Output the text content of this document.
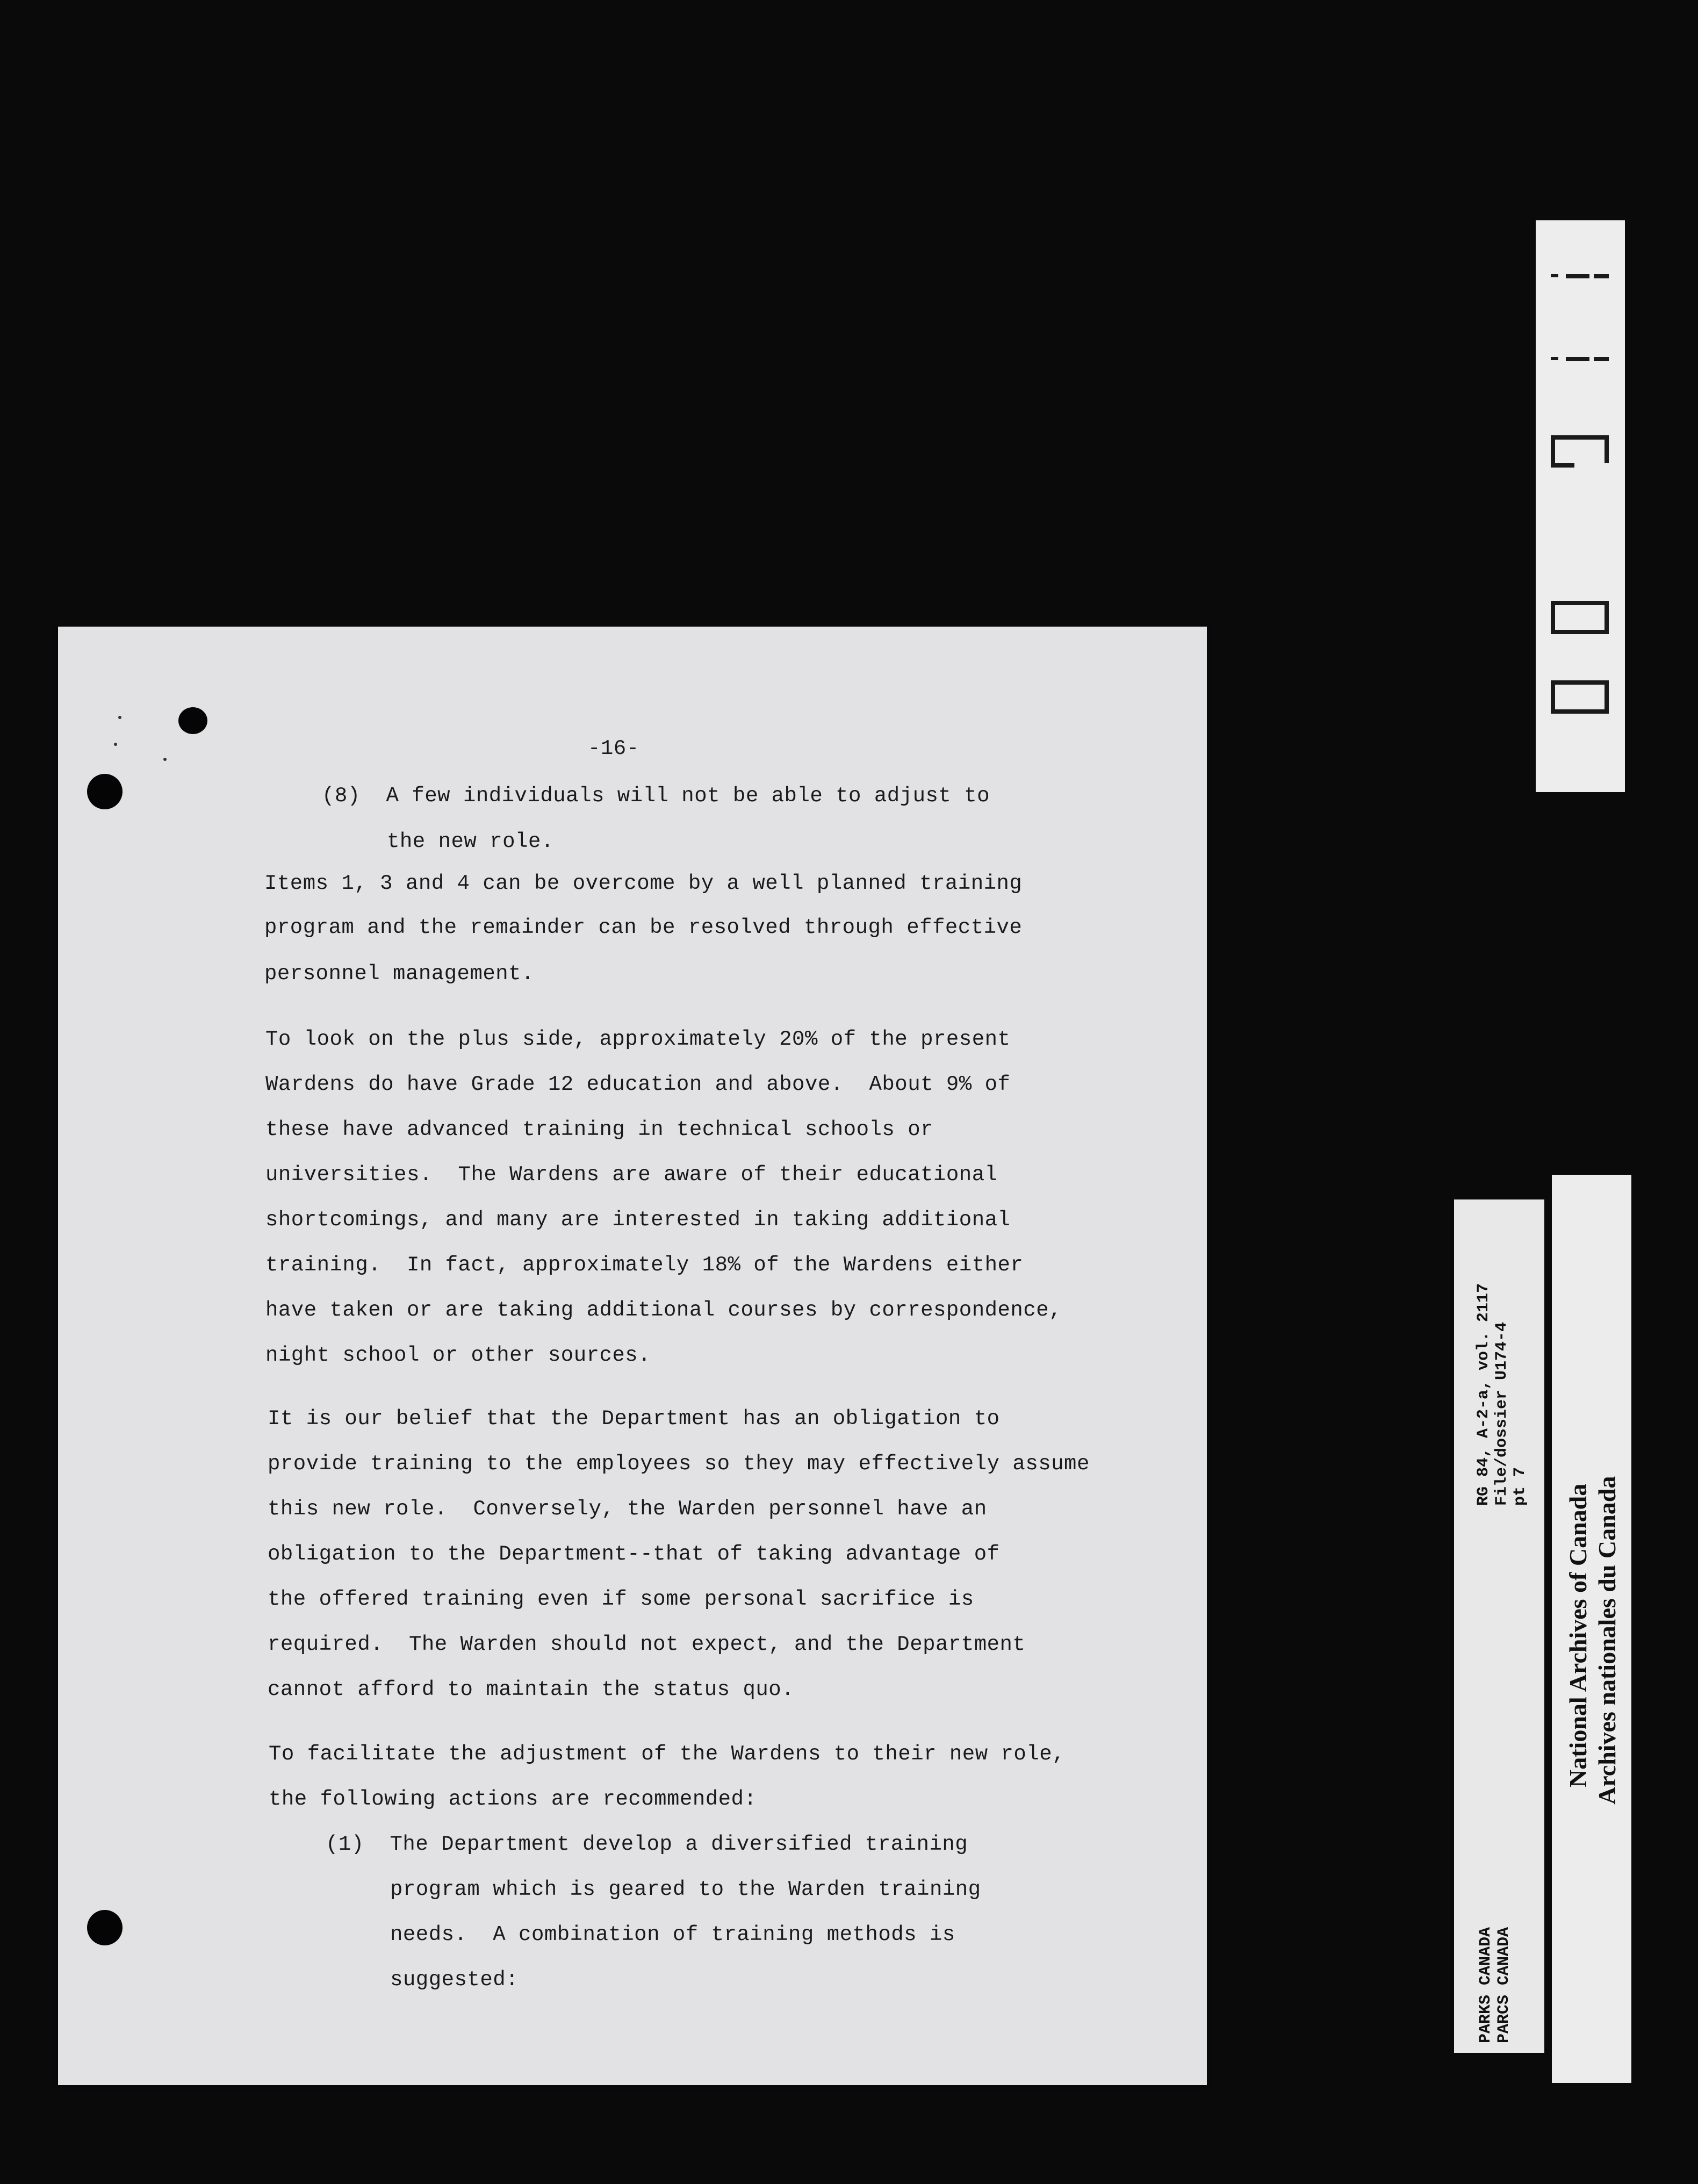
-16-
(8)  A few individuals will not be able to adjust to
the new role.
Items 1, 3 and 4 can be overcome by a well planned training
program and the remainder can be resolved through effective
personnel management.
To look on the plus side, approximately 20% of the present
Wardens do have Grade 12 education and above.  About 9% of
these have advanced training in technical schools or
universities.  The Wardens are aware of their educational
shortcomings, and many are interested in taking additional
training.  In fact, approximately 18% of the Wardens either
have taken or are taking additional courses by correspondence,
night school or other sources.
It is our belief that the Department has an obligation to
provide training to the employees so they may effectively assume
this new role.  Conversely, the Warden personnel have an
obligation to the Department--that of taking advantage of
the offered training even if some personal sacrifice is
required.  The Warden should not expect, and the Department
cannot afford to maintain the status quo.
To facilitate the adjustment of the Wardens to their new role,
the following actions are recommended:
(1)  The Department develop a diversified training
program which is geared to the Warden training
needs.  A combination of training methods is
suggested:
RG 84, A-2-a, vol. 2117 File/dossier U174-4 pt 7
PARKS CANADA PARCS CANADA
National Archives of Canada Archives nationales du Canada
